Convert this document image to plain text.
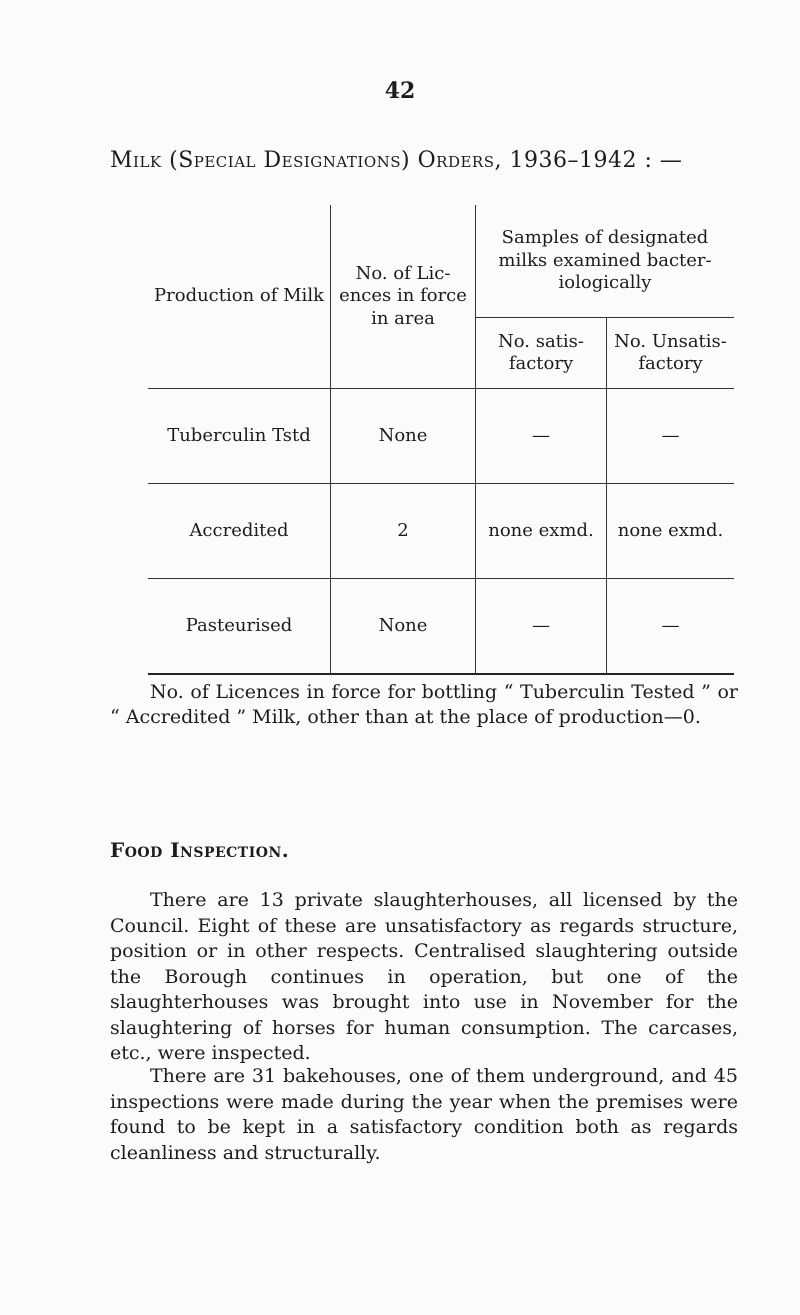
42
Milk (Special Designations) Orders, 1936–1942 : —
Production of Milk	No. of Lic- ences in force in area	Samples of designated milks examined bacter- iologically	
		No. satis- factory	No. Unsatis- factory
Tuberculin Tstd	None	—	—
Accredited	2	none exmd.	none exmd.
Pasteurised	None	—	—

No. of Licences in force for bottling “ Tuberculin Tested ” or “ Accredited ” Milk, other than at the place of production—0.

Food Inspection.

There are 13 private slaughterhouses, all licensed by the Council. Eight of these are unsatisfactory as regards structure, position or in other respects. Centralised slaughtering outside the Borough continues in operation, but one of the slaughterhouses was brought into use in November for the slaughtering of horses for human consumption. The carcases, etc., were inspected.

There are 31 bakehouses, one of them underground, and 45 inspections were made during the year when the premises were found to be kept in a satisfactory condition both as regards cleanliness and structurally.
